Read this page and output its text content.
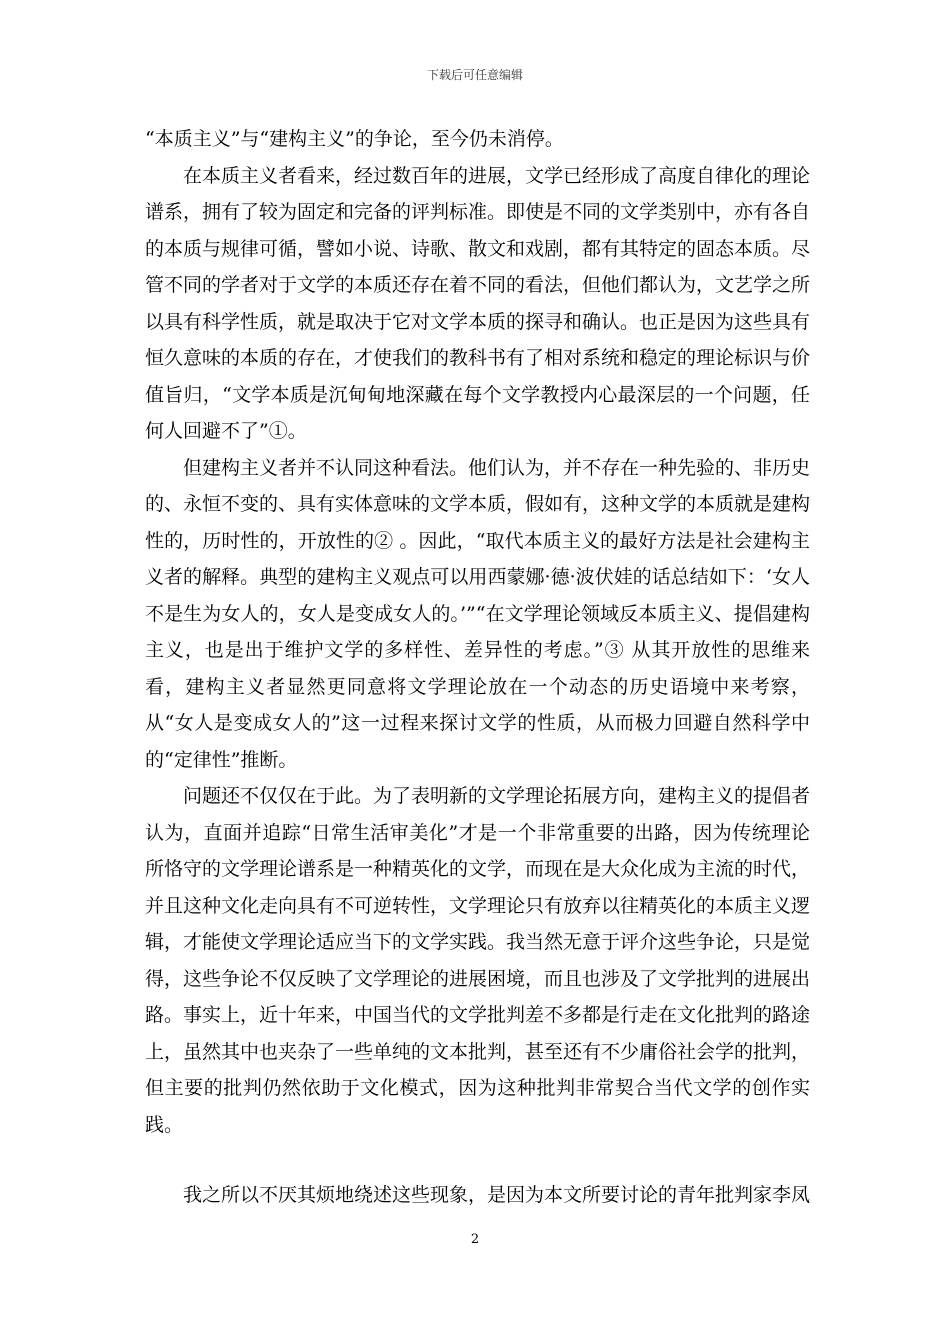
下载后可任意编辑

“本质主义”与“建构主义”的争论，至今仍未消停。

在本质主义者看来，经过数百年的进展，文学已经形成了高度自律化的理论谱系，拥有了较为固定和完备的评判标准。即使是不同的文学类别中，亦有各自的本质与规律可循，譬如小说、诗歌、散文和戏剧，都有其特定的固态本质。尽管不同的学者对于文学的本质还存在着不同的看法，但他们都认为，文艺学之所以具有科学性质，就是取决于它对文学本质的探寻和确认。也正是因为这些具有恒久意味的本质的存在，才使我们的教科书有了相对系统和稳定的理论标识与价值旨归，“文学本质是沉甸甸地深藏在每个文学教授内心最深层的一个问题，任何人回避不了”①。

但建构主义者并不认同这种看法。他们认为，并不存在一种先验的、非历史的、永恒不变的、具有实体意味的文学本质，假如有，这种文学的本质就是建构性的，历时性的，开放性的② 。因此，“取代本质主义的最好方法是社会建构主义者的解释。典型的建构主义观点可以用西蒙娜·德·波伏娃的话总结如下：‘女人不是生为女人的，女人是变成女人的。’”“在文学理论领域反本质主义、提倡建构主义，也是出于维护文学的多样性、差异性的考虑。”③ 从其开放性的思维来看，建构主义者显然更同意将文学理论放在一个动态的历史语境中来考察，从“女人是变成女人的”这一过程来探讨文学的性质，从而极力回避自然科学中的“定律性”推断。

问题还不仅仅在于此。为了表明新的文学理论拓展方向，建构主义的提倡者认为，直面并追踪“日常生活审美化”才是一个非常重要的出路，因为传统理论所恪守的文学理论谱系是一种精英化的文学，而现在是大众化成为主流的时代，并且这种文化走向具有不可逆转性，文学理论只有放弃以往精英化的本质主义逻辑，才能使文学理论适应当下的文学实践。我当然无意于评介这些争论，只是觉得，这些争论不仅反映了文学理论的进展困境，而且也涉及了文学批判的进展出路。事实上，近十年来，中国当代的文学批判差不多都是行走在文化批判的路途上，虽然其中也夹杂了一些单纯的文本批判，甚至还有不少庸俗社会学的批判，但主要的批判仍然依助于文化模式，因为这种批判非常契合当代文学的创作实践。

我之所以不厌其烦地绕述这些现象，是因为本文所要讨论的青年批判家李凤

2
